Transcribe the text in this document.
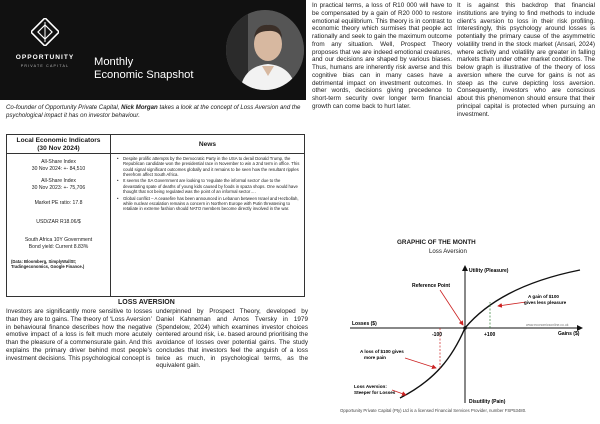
OPPORTUNITY
PRIVATE CAPITAL	Monthly
Economic Snapshot
Co-founder of Opportunity Private Capital, Nick Morgan takes a look at the concept of Loss Aversion and the psychological impact it has on investor behaviour.
Local Economic Indicators
(30 Nov 2024)
All-Share Index
30 Nov 2024: +- 84,510
All-Share Index
30 Nov 2023: +- 75,706
Market PE ratio: 17.8
USD/ZAR R18.06/$
South Africa 10Y Government
Bond yield: Current 8.83%
(Data: Bloomberg, SimplyWallSt;
Tradingeconomics, Google Finance.)
News
• Despite prolific attempts by the Democratic Party in the USA to derail Donald Trump, the Republican candidate won the presidential race in November to win a 2nd term in office. This could signal significant outcomes globally and it remains to be seen how the resultant ripples therefrom affect South Africa.
• It seems the SA Government are looking to ‘regulate the informal sector’ due to the devastating spate of deaths of young kids caused by foods in spaza shops. One would have thought that not being regulated was the point of an informal sector….
• Global conflict – A ceasefire has been announced in Lebanon between Israel and Hezbollah, while nuclear escalation remains a concern in Northern Europe with Putin threatening to retaliate in extreme fashion should NATO members become directly involved in the war.
LOSS AVERSION
Investors are significantly more sensitive to losses than they are to gains. The theory of ‘Loss Aversion’ in behavioural finance describes how the negative emotive impact of a loss is felt much more acutely than the pleasure of a commensurate gain. And this explains the primary driver behind most people’s investment decisions. This psychological concept is
underpinned by Prospect Theory, developed by Daniel Kahneman and Amos Tversky in 1979 (Spendelow, 2024) which examines investor choices centered around risk, i.e. based around prioritising the avoidance of losses over potential gains. The study concludes that investors feel the anguish of a loss twice as much, in psychological terms, as the equivalent gain.
In practical terms, a loss of R10 000 will have to be compensated by a gain of R20 000 to restore emotional equilibrium. This theory is in contrast to economic theory which surmises that people act rationally and seek to gain the maximum outcome from any situation. Well, Prospect Theory proposes that we are indeed emotional creatures, and our decisions are shaped by various biases. Thus, humans are inherently risk averse and this cognitive bias can in many cases have a detrimental impact on investment outcomes. In other words, decisions giving precedence to short-term security over longer term financial growth can come back to hurt later.
It is against this backdrop that financial institutions are trying to find methods to include client’s aversion to loss in their risk profiling. Interestingly, this psychology around losses is potentially the primary cause of the asymmetric volatility trend in the stock market (Ansari, 2024) where activity and volatility are greater in falling markets than under other market conditions. The below graph is illustrative of the theory of loss aversion where the curve for gains is not as steep as the curve depicting loss aversion. Consequently, investors who are conscious about this phenomenon should ensure that their principal capital is protected when pursuing an investment.
GRAPHIC OF THE MONTH
Loss Aversion
Utility (Pleasure)
Disutility (Pain)
Losses ($)
Gains ($)
Reference Point
A gain of $100
gives less pleasure
A loss of $100 gives
more pain
-100	+100
Loss Aversion:
Steeper for Losses
www.economicsonline.co.uk
Opportunity Private Capital (Pty) Ltd is a licensed Financial Services Provider, number FSP53480.
